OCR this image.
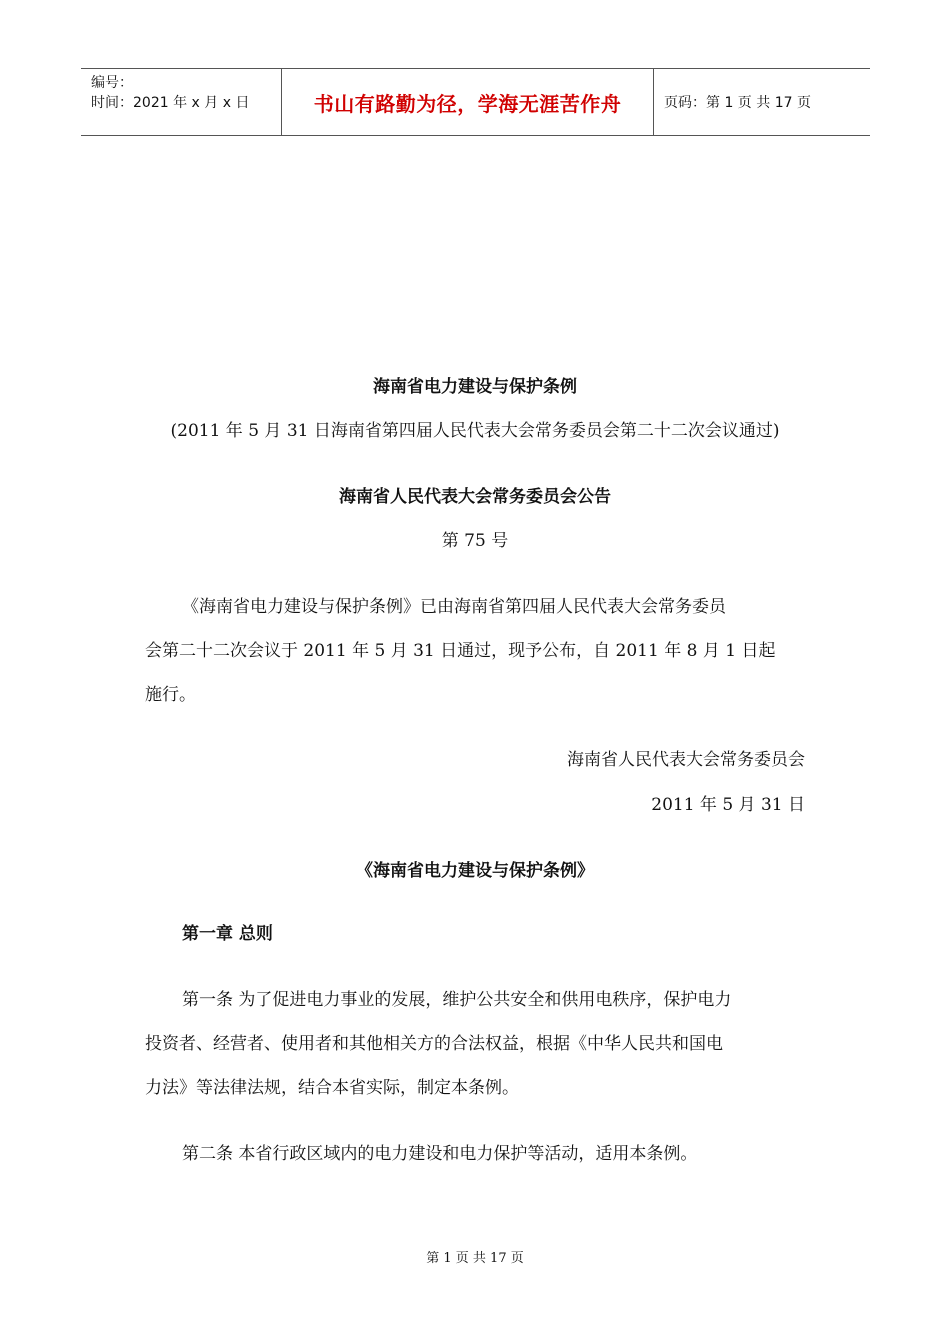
编号：
时间：2021 年 x 月 x 日	书山有路勤为径，学海无涯苦作舟	页码：第 1 页 共 17 页
海南省电力建设与保护条例
(2011 年 5 月 31 日海南省第四届人民代表大会常务委员会第二十二次会议通过)
海南省人民代表大会常务委员会公告
第 75 号
《海南省电力建设与保护条例》已由海南省第四届人民代表大会常务委员
会第二十二次会议于 2011 年 5 月 31 日通过，现予公布，自 2011 年 8 月 1 日起
施行。
海南省人民代表大会常务委员会
2011 年 5 月 31 日
《海南省电力建设与保护条例》
第一章 总则
第一条 为了促进电力事业的发展，维护公共安全和供用电秩序，保护电力
投资者、经营者、使用者和其他相关方的合法权益，根据《中华人民共和国电
力法》等法律法规，结合本省实际，制定本条例。
第二条 本省行政区域内的电力建设和电力保护等活动，适用本条例。
第 1 页 共 17 页
